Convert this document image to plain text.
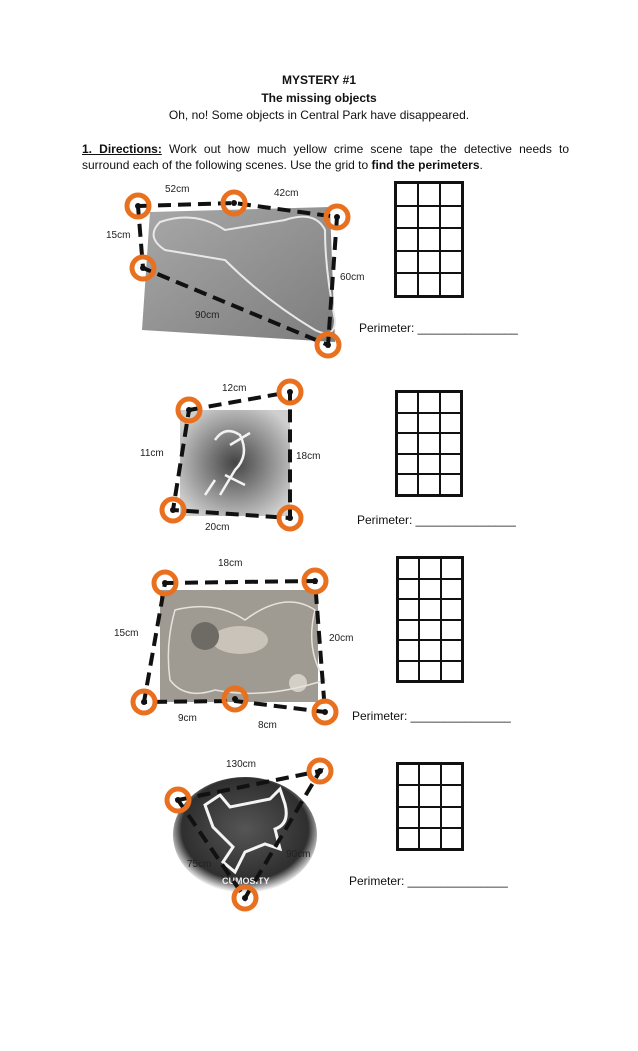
MYSTERY #1
The missing objects
Oh, no! Some objects in Central Park have disappeared.

1. Directions: Work out how much yellow crime scene tape the detective needs to surround each of the following scenes. Use the grid to find the perimeters.

52cm	42cm
15cm
60cm
90cm
Perimeter: _______________
12cm
11cm	18cm
20cm
Perimeter: _______________
18cm
15cm	20cm
9cm
8cm
Perimeter: _______________
CUMOSITY
130cm
90cm
75cm
Perimeter: _______________
